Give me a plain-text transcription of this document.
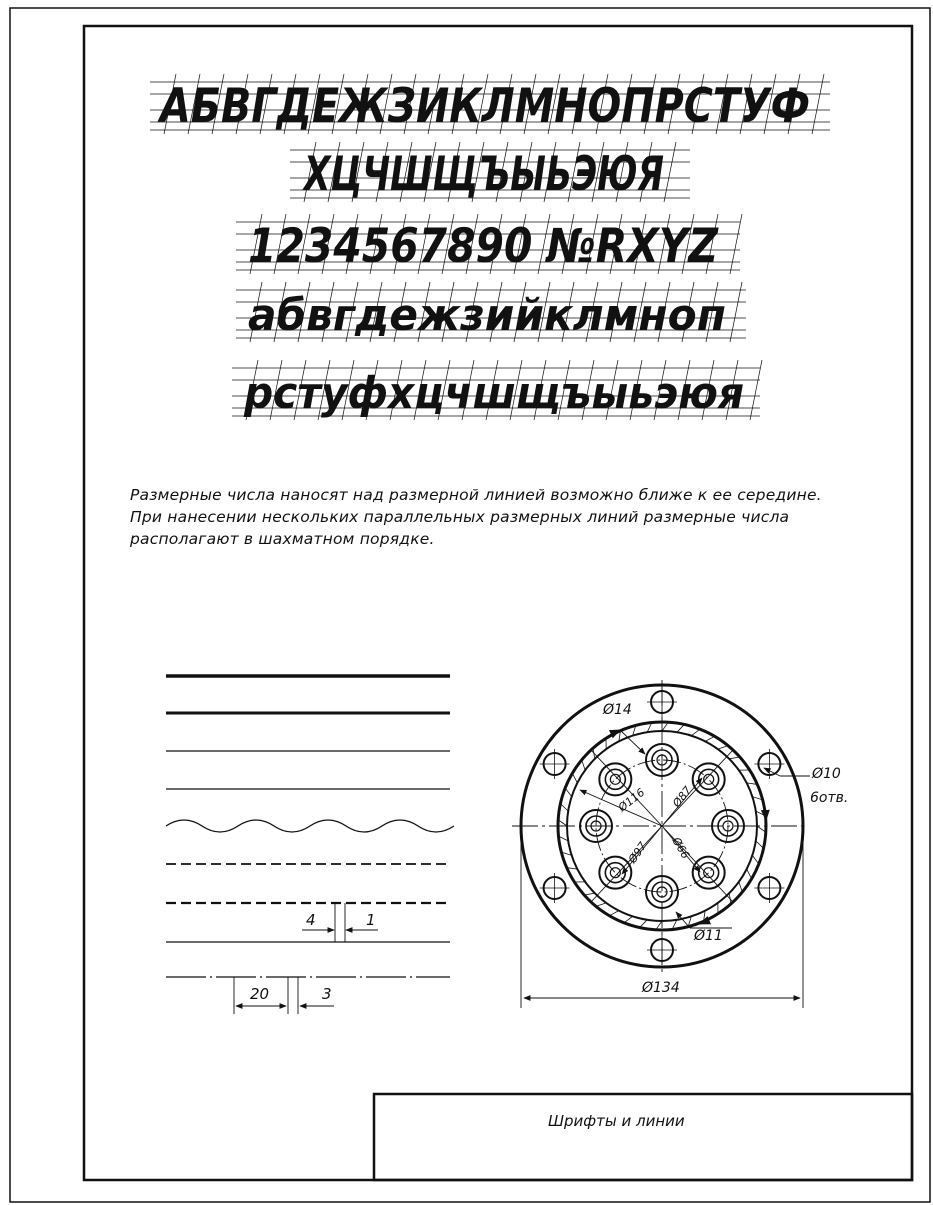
АБВГДЕЖЗИКЛМНОПРСТУФ
ХЦЧШЩЪЫЬЭЮЯ
1234567890 №RXYZ
абвгдежзийклмноп
рстуфхцчшщъыьэюя
4	1
20	3
Ø14
Ø10
6отв.
Ø116 Ø87
Ø97 Ø66
Ø11
Ø134
Шрифты и линии
Размерные числа наносят над размерной линией возможно ближе к ее середине.
При нанесении нескольких параллельных размерных линий размерные числа
располагают в шахматном порядке.
